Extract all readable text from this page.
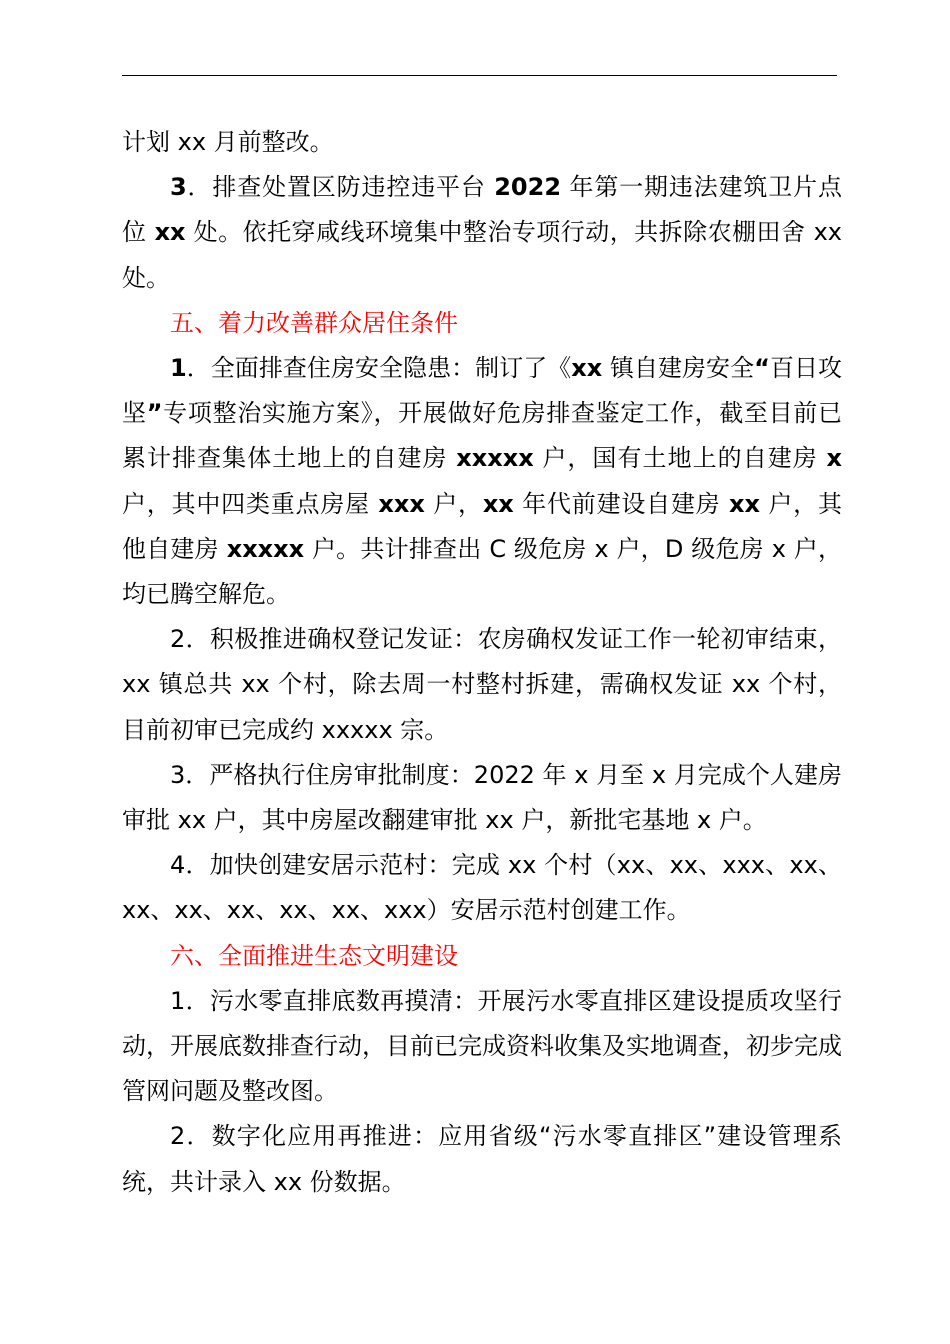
计划 xx 月前整改。

3．排查处置区防违控违平台 2022 年第一期违法建筑卫片点位 xx 处。依托穿咸线环境集中整治专项行动，共拆除农棚田舍 xx 处。

五、着力改善群众居住条件

1．全面排查住房安全隐患：制订了《xx 镇自建房安全“百日攻坚”专项整治实施方案》，开展做好危房排查鉴定工作，截至目前已累计排查集体土地上的自建房 xxxxx 户，国有土地上的自建房 x 户，其中四类重点房屋 xxx 户，xx 年代前建设自建房 xx 户，其他自建房 xxxxx 户。共计排查出 C 级危房 x 户，D 级危房 x 户，均已腾空解危。

2．积极推进确权登记发证：农房确权发证工作一轮初审结束，xx 镇总共 xx 个村，除去周一村整村拆建，需确权发证 xx 个村，目前初审已完成约 xxxxx 宗。

3．严格执行住房审批制度：2022 年 x 月至 x 月完成个人建房审批 xx 户，其中房屋改翻建审批 xx 户，新批宅基地 x 户。

4．加快创建安居示范村：完成 xx 个村（xx、xx、xxx、xx、xx、xx、xx、xx、xx、xxx）安居示范村创建工作。

六、全面推进生态文明建设

1．污水零直排底数再摸清：开展污水零直排区建设提质攻坚行动，开展底数排查行动，目前已完成资料收集及实地调查，初步完成管网问题及整改图。

2．数字化应用再推进：应用省级“污水零直排区”建设管理系统，共计录入 xx 份数据。
